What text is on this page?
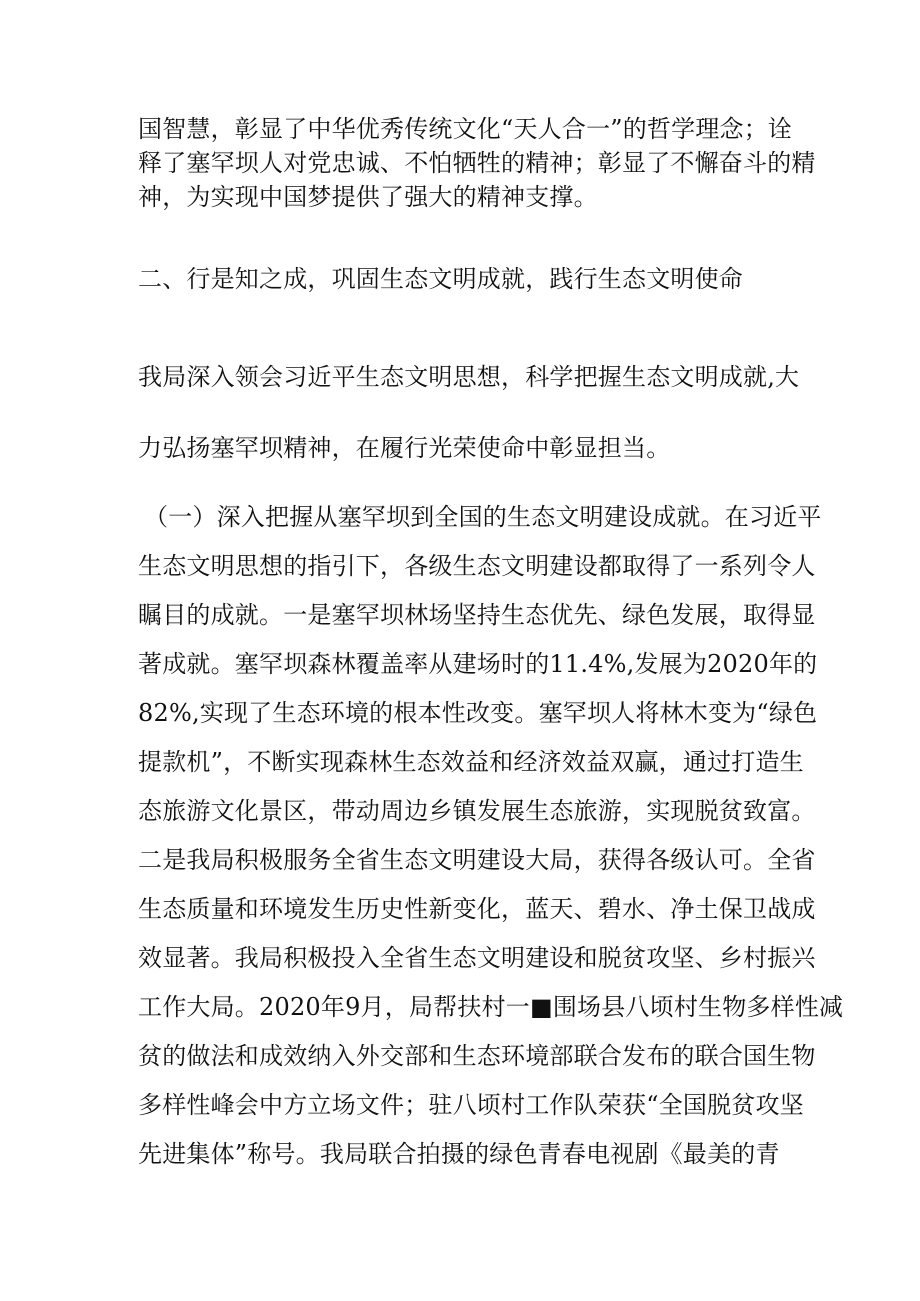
国智慧，彰显了中华优秀传统文化“天人合一”的哲学理念；诠
释了塞罕坝人对党忠诚、不怕牺牲的精神；彰显了不懈奋斗的精
神，为实现中国梦提供了强大的精神支撑。
二、行是知之成，巩固生态文明成就，践行生态文明使命
我局深入领会习近平生态文明思想，科学把握生态文明成就,大
力弘扬塞罕坝精神，在履行光荣使命中彰显担当。
（一）深入把握从塞罕坝到全国的生态文明建设成就。在习近平
生态文明思想的指引下，各级生态文明建设都取得了一系列令人
瞩目的成就。一是塞罕坝林场坚持生态优先、绿色发展，取得显
著成就。塞罕坝森林覆盖率从建场时的11.4%,发展为2020年的
82%,实现了生态环境的根本性改变。塞罕坝人将林木变为“绿色
提款机”，不断实现森林生态效益和经济效益双赢，通过打造生
态旅游文化景区，带动周边乡镇发展生态旅游，实现脱贫致富。
二是我局积极服务全省生态文明建设大局，获得各级认可。全省
生态质量和环境发生历史性新变化，蓝天、碧水、净土保卫战成
效显著。我局积极投入全省生态文明建设和脱贫攻坚、乡村振兴
工作大局。2020年9月，局帮扶村一■围场县八顷村生物多样性减
贫的做法和成效纳入外交部和生态环境部联合发布的联合国生物
多样性峰会中方立场文件；驻八顷村工作队荣获“全国脱贫攻坚
先进集体”称号。我局联合拍摄的绿色青春电视剧《最美的青
